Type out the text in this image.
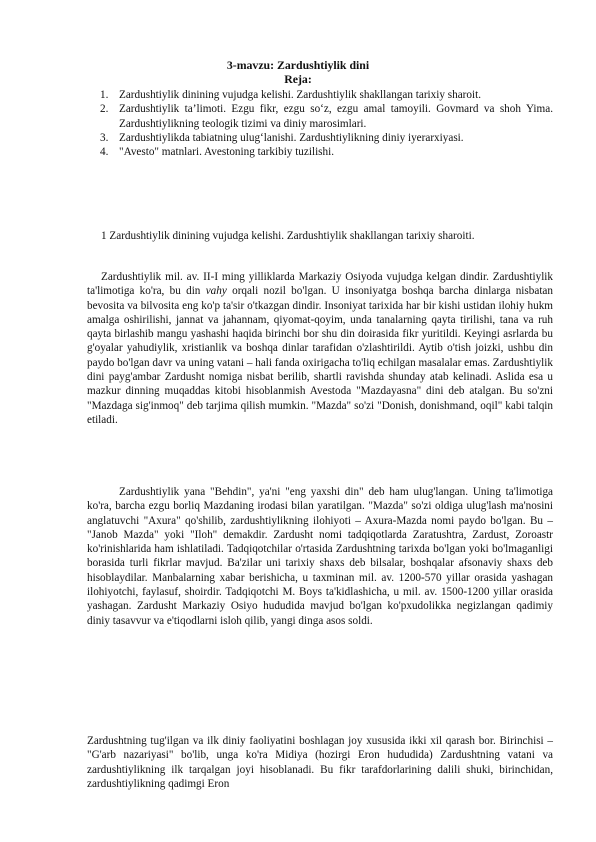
3-mavzu: Zardushtiylik dini
Reja:
1. Zardushtiylik dinining vujudga kelishi. Zardushtiylik shakllangan tarixiy sharoit.
2. Zardushtiylik ta’limoti. Ezgu fikr, ezgu so‘z, ezgu amal tamoyili. Govmard va shoh Yima. Zardushtiylikning teologik tizimi va diniy marosimlari.
3. Zardushtiylikda tabiatning ulug‘lanishi. Zardushtiylikning diniy iyerarxiyasi.
4. "Avesto" matnlari. Avestoning tarkibiy tuzilishi.

1 Zardushtiylik dinining vujudga kelishi. Zardushtiylik shakllangan tarixiy sharoiti.

Zardushtiylik mil. av. II-I ming yilliklarda Markaziy Osiyoda vujudga kelgan dindir. Zardushtiylik ta'limotiga ko'ra, bu din vahy orqali nozil bo'lgan. U insoniyatga boshqa barcha dinlarga nisbatan bevosita va bilvosita eng ko'p ta'sir o'tkazgan dindir. Insoniyat tarixida har bir kishi ustidan ilohiy hukm amalga oshirilishi, jannat va jahannam, qiyomat-qoyim, unda tanalarning qayta tirilishi, tana va ruh qayta birlashib mangu yashashi haqida birinchi bor shu din doirasida fikr yuritildi. Keyingi asrlarda bu g'oyalar yahudiylik, xristianlik va boshqa dinlar tarafidan o'zlashtirildi. Aytib o'tish joizki, ushbu din paydo bo'lgan davr va uning vatani – hali fanda oxirigacha to'liq echilgan masalalar emas. Zardushtiylik dini payg'ambar Zardusht nomiga nisbat berilib, shartli ravishda shunday atab kelinadi. Aslida esa u mazkur dinning muqaddas kitobi hisoblanmish Avestoda "Mazdayasna" dini deb atalgan. Bu so'zni "Mazdaga sig'inmoq" deb tarjima qilish mumkin. "Mazda" so'zi "Donish, donishmand, oqil" kabi talqin etiladi.

Zardushtiylik yana "Behdin", ya'ni "eng yaxshi din" deb ham ulug'langan. Uning ta'limotiga ko'ra, barcha ezgu borliq Mazdaning irodasi bilan yaratilgan. "Mazda" so'zi oldiga ulug'lash ma'nosini anglatuvchi "Axura" qo'shilib, zardushtiylikning ilohiyoti – Axura-Mazda nomi paydo bo'lgan. Bu – "Janob Mazda" yoki "Iloh" demakdir. Zardusht nomi tadqiqotlarda Zaratushtra, Zardust, Zoroastr ko'rinishlarida ham ishlatiladi. Tadqiqotchilar o'rtasida Zardushtning tarixda bo'lgan yoki bo'lmaganligi borasida turli fikrlar mavjud. Ba'zilar uni tarixiy shaxs deb bilsalar, boshqalar afsonaviy shaxs deb hisoblaydilar. Manbalarning xabar berishicha, u taxminan mil. av. 1200-570 yillar orasida yashagan ilohiyotchi, faylasuf, shoirdir. Tadqiqotchi M. Boys ta'kidlashicha, u mil. av. 1500-1200 yillar orasida yashagan. Zardusht Markaziy Osiyo hududida mavjud bo'lgan ko'pxudolikka negizlangan qadimiy diniy tasavvur va e'tiqodlarni isloh qilib, yangi dinga asos soldi.

Zardushtning tug'ilgan va ilk diniy faoliyatini boshlagan joy xususida ikki xil qarash bor. Birinchisi – "G'arb nazariyasi" bo'lib, unga ko'ra Midiya (hozirgi Eron hududida) Zardushtning vatani va zardushtiylikning ilk tarqalgan joyi hisoblanadi. Bu fikr tarafdorlarining dalili shuki, birinchidan, zardushtiylikning qadimgi Eron
